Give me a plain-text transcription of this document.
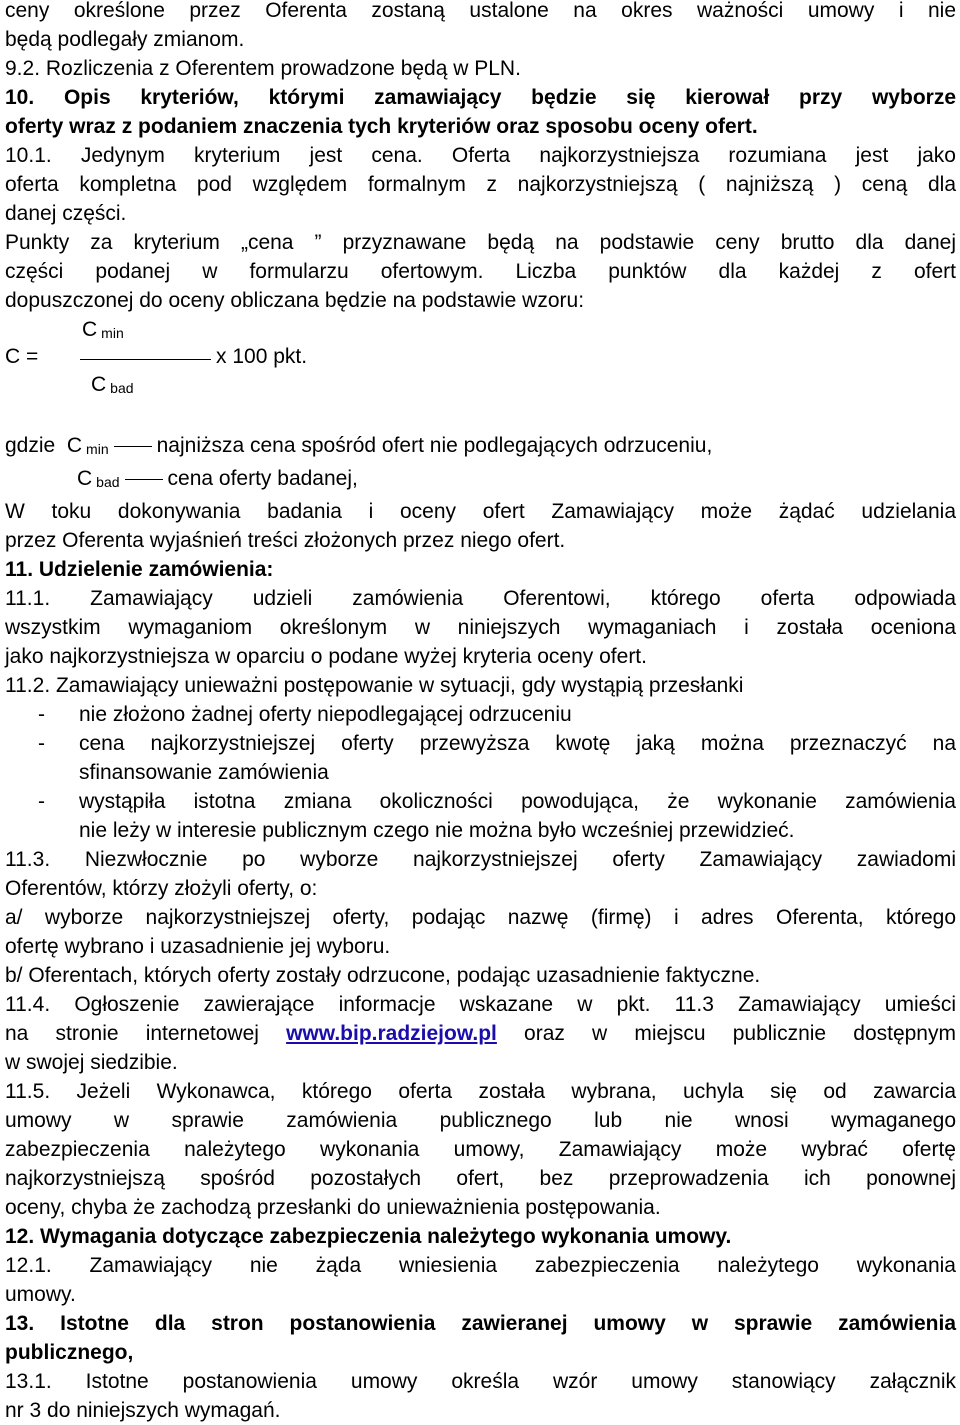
ceny określone przez Oferenta zostaną ustalone na okres ważności umowy i nie

będą podlegały zmianom.

9.2. Rozliczenia z Oferentem prowadzone będą w PLN.

10. Opis kryteriów, którymi zamawiający będzie się kierował przy wyborze

oferty wraz z podaniem znaczenia tych kryteriów oraz sposobu oceny ofert.

10.1. Jedynym kryterium jest cena. Oferta najkorzystniejsza rozumiana jest jako

oferta kompletna pod względem formalnym z najkorzystniejszą ( najniższą ) ceną dla

danej części.

Punkty za kryterium „cena ” przyznawane będą na podstawie ceny brutto dla danej

części podanej w formularzu ofertowym. Liczba punktów dla każdej z ofert

dopuszczonej do oceny obliczana będzie na podstawie wzoru:

C $_{min}$
C =	x 100 pkt.
C $_{bad}$

gdzie C $_{min}$ najniższa cena spośród ofert nie podlegających odrzuceniu,

C $_{bad}$ cena oferty badanej,

W toku dokonywania badania i oceny ofert Zamawiający może żądać udzielania

przez Oferenta wyjaśnień treści złożonych przez niego ofert.

11. Udzielenie zamówienia:

11.1. Zamawiający udzieli zamówienia Oferentowi, którego oferta odpowiada

wszystkim wymaganiom określonym w niniejszych wymaganiach i została oceniona

jako najkorzystniejsza w oparciu o podane wyżej kryteria oceny ofert.

11.2. Zamawiający unieważni postępowanie w sytuacji, gdy wystąpią przesłanki

-	nie złożono żadnej oferty niepodlegającej odrzuceniu
-	cena najkorzystniejszej oferty przewyższa kwotę jaką można przeznaczyć na
sfinansowanie zamówienia
-	wystąpiła istotna zmiana okoliczności powodująca, że wykonanie zamówienia
nie leży w interesie publicznym czego nie można było wcześniej przewidzieć.

11.3. Niezwłocznie po wyborze najkorzystniejszej oferty Zamawiający zawiadomi

Oferentów, którzy złożyli oferty, o:

a/ wyborze najkorzystniejszej oferty, podając nazwę (firmę) i adres Oferenta, którego

ofertę wybrano i uzasadnienie jej wyboru.

b/ Oferentach, których oferty zostały odrzucone, podając uzasadnienie faktyczne.

11.4. Ogłoszenie zawierające informacje wskazane w pkt. 11.3 Zamawiający umieści

na stronie internetowej www.bip.radziejow.pl oraz w miejscu publicznie dostępnym

w swojej siedzibie.

11.5. Jeżeli Wykonawca, którego oferta została wybrana, uchyla się od zawarcia

umowy w sprawie zamówienia publicznego lub nie wnosi wymaganego

zabezpieczenia należytego wykonania umowy, Zamawiający może wybrać ofertę

najkorzystniejszą spośród pozostałych ofert, bez przeprowadzenia ich ponownej

oceny, chyba że zachodzą przesłanki do unieważnienia postępowania.

12. Wymagania dotyczące zabezpieczenia należytego wykonania umowy.

12.1. Zamawiający nie żąda wniesienia zabezpieczenia należytego wykonania

umowy.

13. Istotne dla stron postanowienia zawieranej umowy w sprawie zamówienia

publicznego,

13.1. Istotne postanowienia umowy określa wzór umowy stanowiący załącznik

nr 3 do niniejszych wymagań.
